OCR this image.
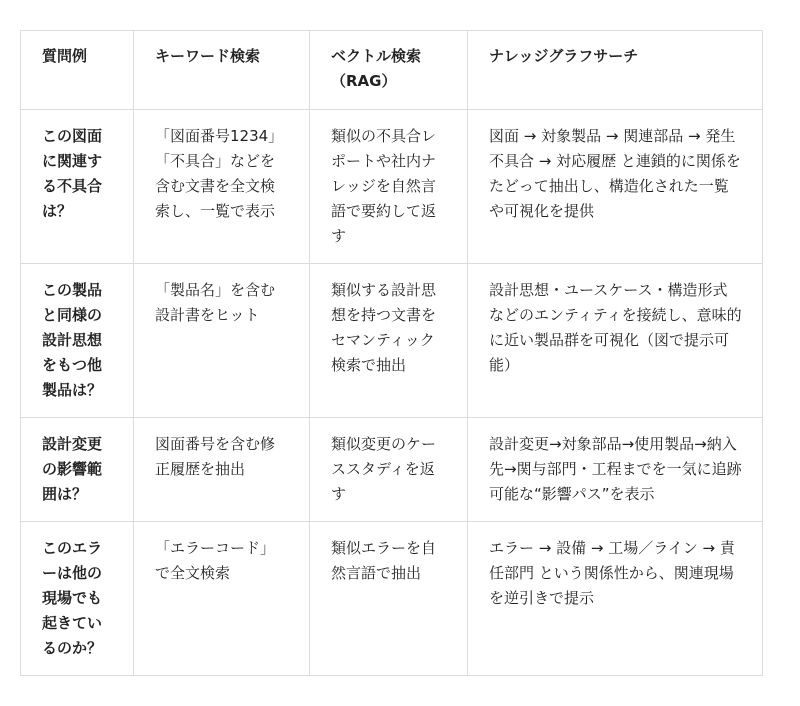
質問例	キーワード検索	ベクトル検索（RAG）	ナレッジグラフサーチ
この図面に関連する不具合は？	「図面番号1234」「不具合」などを含む文書を全文検索し、一覧で表示	類似の不具合レポートや社内ナレッジを自然言語で要約して返す	図面 → 対象製品 → 関連部品 → 発生不具合 → 対応履歴 と連鎖的に関係をたどって抽出し、構造化された一覧や可視化を提供
この製品と同様の設計思想をもつ他製品は？	「製品名」を含む設計書をヒット	類似する設計思想を持つ文書をセマンティック検索で抽出	設計思想・ユースケース・構造形式などのエンティティを接続し、意味的に近い製品群を可視化（図で提示可能）
設計変更の影響範囲は？	図面番号を含む修正履歴を抽出	類似変更のケーススタディを返す	設計変更→対象部品→使用製品→納入先→関与部門・工程までを一気に追跡可能な“影響パス”を表示
このエラーは他の現場でも起きているのか？	「エラーコード」で全文検索	類似エラーを自然言語で抽出	エラー → 設備 → 工場／ライン → 責任部門 という関係性から、関連現場を逆引きで提示
